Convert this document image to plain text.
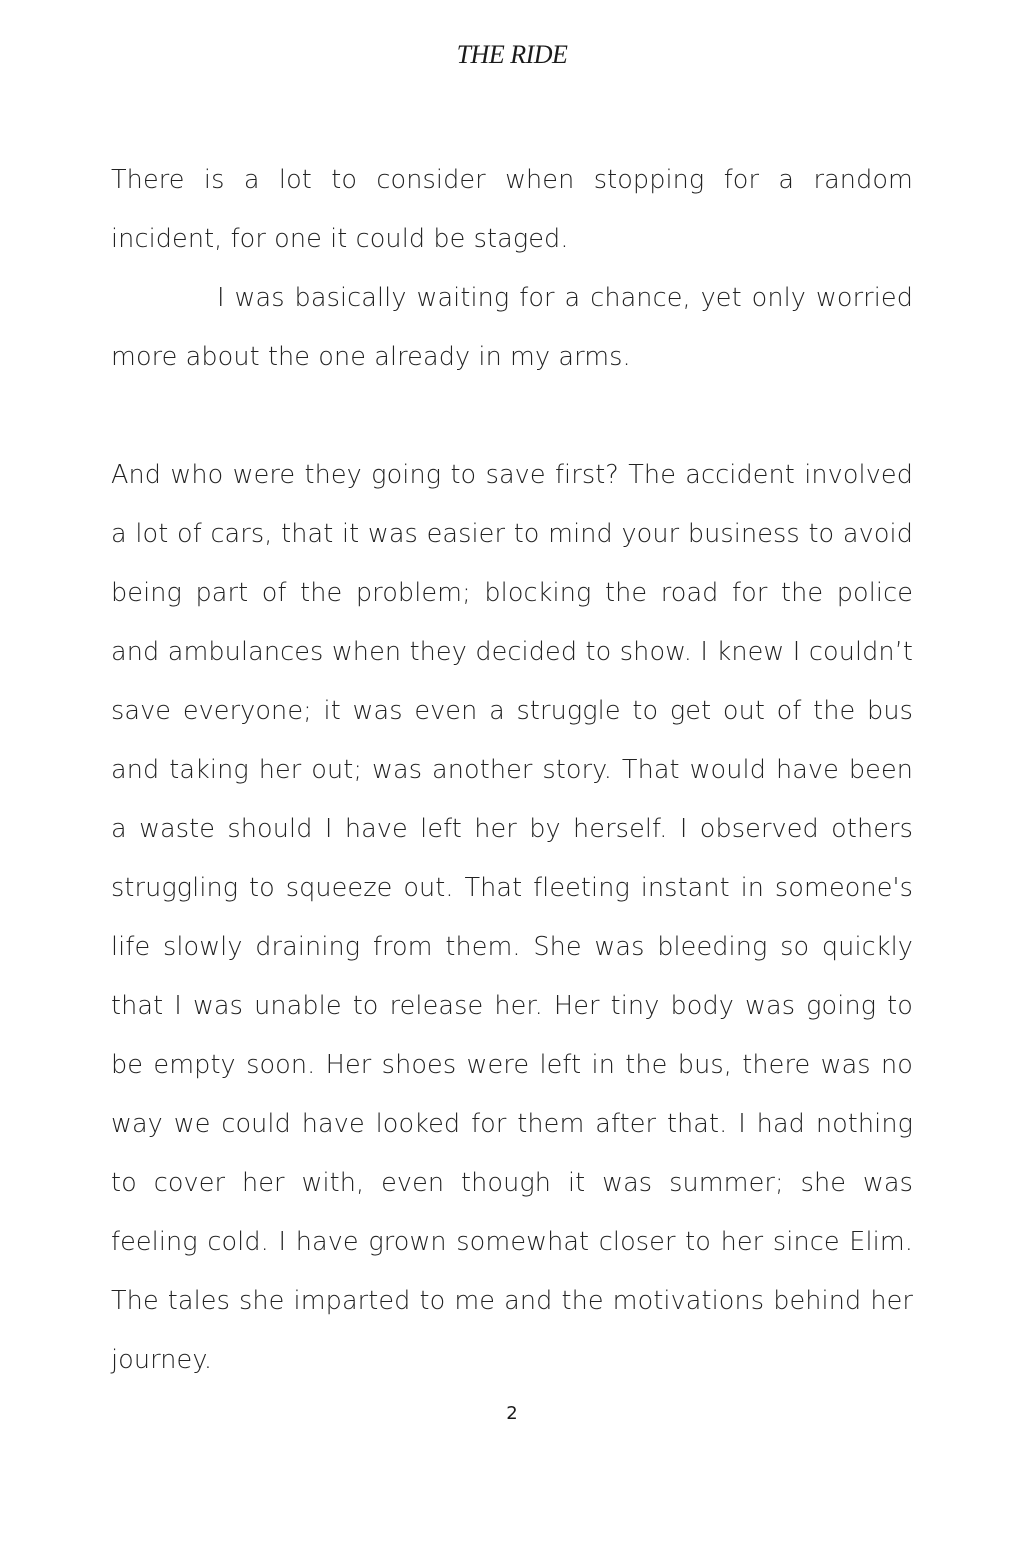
THE RIDE

There is a lot to consider when stopping for a random incident, for one it could be staged.

I was basically waiting for a chance, yet only worried more about the one already in my arms.

And who were they going to save first? The accident involved a lot of cars, that it was easier to mind your business to avoid being part of the problem; blocking the road for the police and ambulances when they decided to show. I knew I couldn’t save everyone; it was even a struggle to get out of the bus and taking her out; was another story. That would have been a waste should I have left her by herself. I observed others struggling to squeeze out. That fleeting instant in someone's life slowly draining from them. She was bleeding so quickly that I was unable to release her. Her tiny body was going to be empty soon. Her shoes were left in the bus, there was no way we could have looked for them after that. I had nothing to cover her with, even though it was summer; she was feeling cold. I have grown somewhat closer to her since Elim. The tales she imparted to me and the motivations behind her journey.

2
